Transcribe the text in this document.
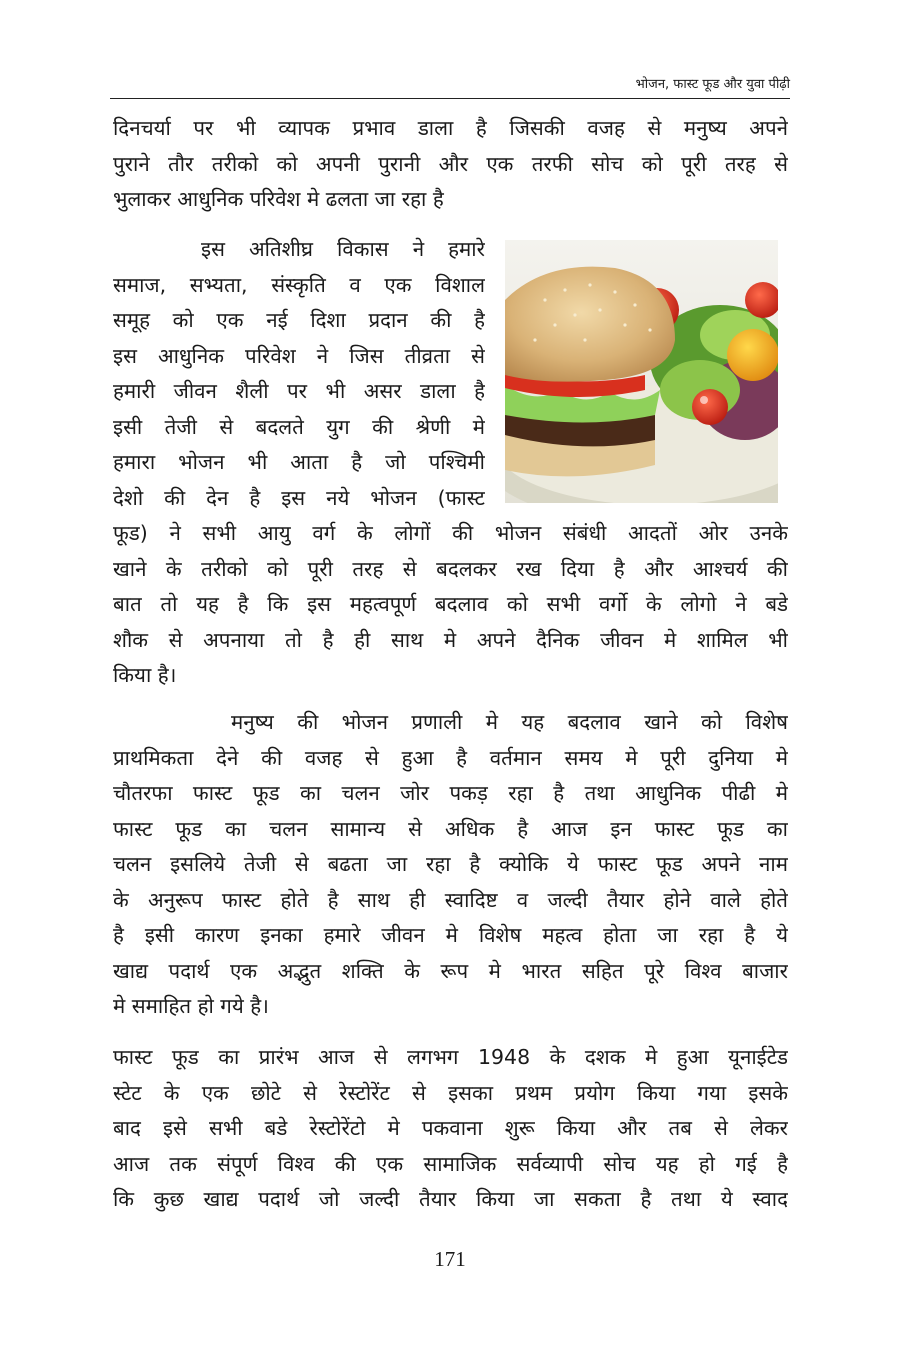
भोजन, फास्ट फूड और युवा पीढ़ी
दिनचर्या पर भी व्यापक प्रभाव डाला है जिसकी वजह से मनुष्य अपने
पुराने तौर तरीको को अपनी पुरानी और एक तरफी सोच को पूरी तरह से
भुलाकर आधुनिक परिवेश मे ढलता जा रहा है
इस अतिशीघ्र विकास ने हमारे
समाज, सभ्यता, संस्कृति व एक विशाल
समूह को एक नई दिशा प्रदान की है
इस आधुनिक परिवेश ने जिस तीव्रता से
हमारी जीवन शैली पर भी असर डाला है
इसी तेजी से बदलते युग की श्रेणी मे
हमारा भोजन भी आता है जो पश्चिमी
देशो की देन है इस नये भोजन (फास्ट
फूड) ने सभी आयु वर्ग के लोगों की भोजन संबंधी आदतों ओर उनके
खाने के तरीको को पूरी तरह से बदलकर रख दिया है और आश्चर्य की
बात तो यह है कि इस महत्वपूर्ण बदलाव को सभी वर्गो के लोगो ने बडे
शौक से अपनाया तो है ही साथ मे अपने दैनिक जीवन मे शामिल भी
किया है।
मनुष्य की भोजन प्रणाली मे यह बदलाव खाने को विशेष
प्राथमिकता देने की वजह से हुआ है वर्तमान समय मे पूरी दुनिया मे
चौतरफा फास्ट फूड का चलन जोर पकड़ रहा है तथा आधुनिक पीढी मे
फास्ट फूड का चलन सामान्य से अधिक है आज इन फास्ट फूड का
चलन इसलिये तेजी से बढता जा रहा है क्योकि ये फास्ट फूड अपने नाम
के अनुरूप फास्ट होते है साथ ही स्वादिष्ट व जल्दी तैयार होने वाले होते
है इसी कारण इनका हमारे जीवन मे विशेष महत्व होता जा रहा है ये
खाद्य पदार्थ एक अद्भुत शक्ति के रूप मे भारत सहित पूरे विश्व बाजार
मे समाहित हो गये है।
फास्ट फूड का प्रारंभ आज से लगभग 1948 के दशक मे हुआ यूनाईटेड
स्टेट के एक छोटे से रेस्टोरेंट से इसका प्रथम प्रयोग किया गया इसके
बाद इसे सभी बडे रेस्टोरेंटो मे पकवाना शुरू किया और तब से लेकर
आज तक संपूर्ण विश्व की एक सामाजिक सर्वव्यापी सोच यह हो गई है
कि कुछ खाद्य पदार्थ जो जल्दी तैयार किया जा सकता है तथा ये स्वाद
171
